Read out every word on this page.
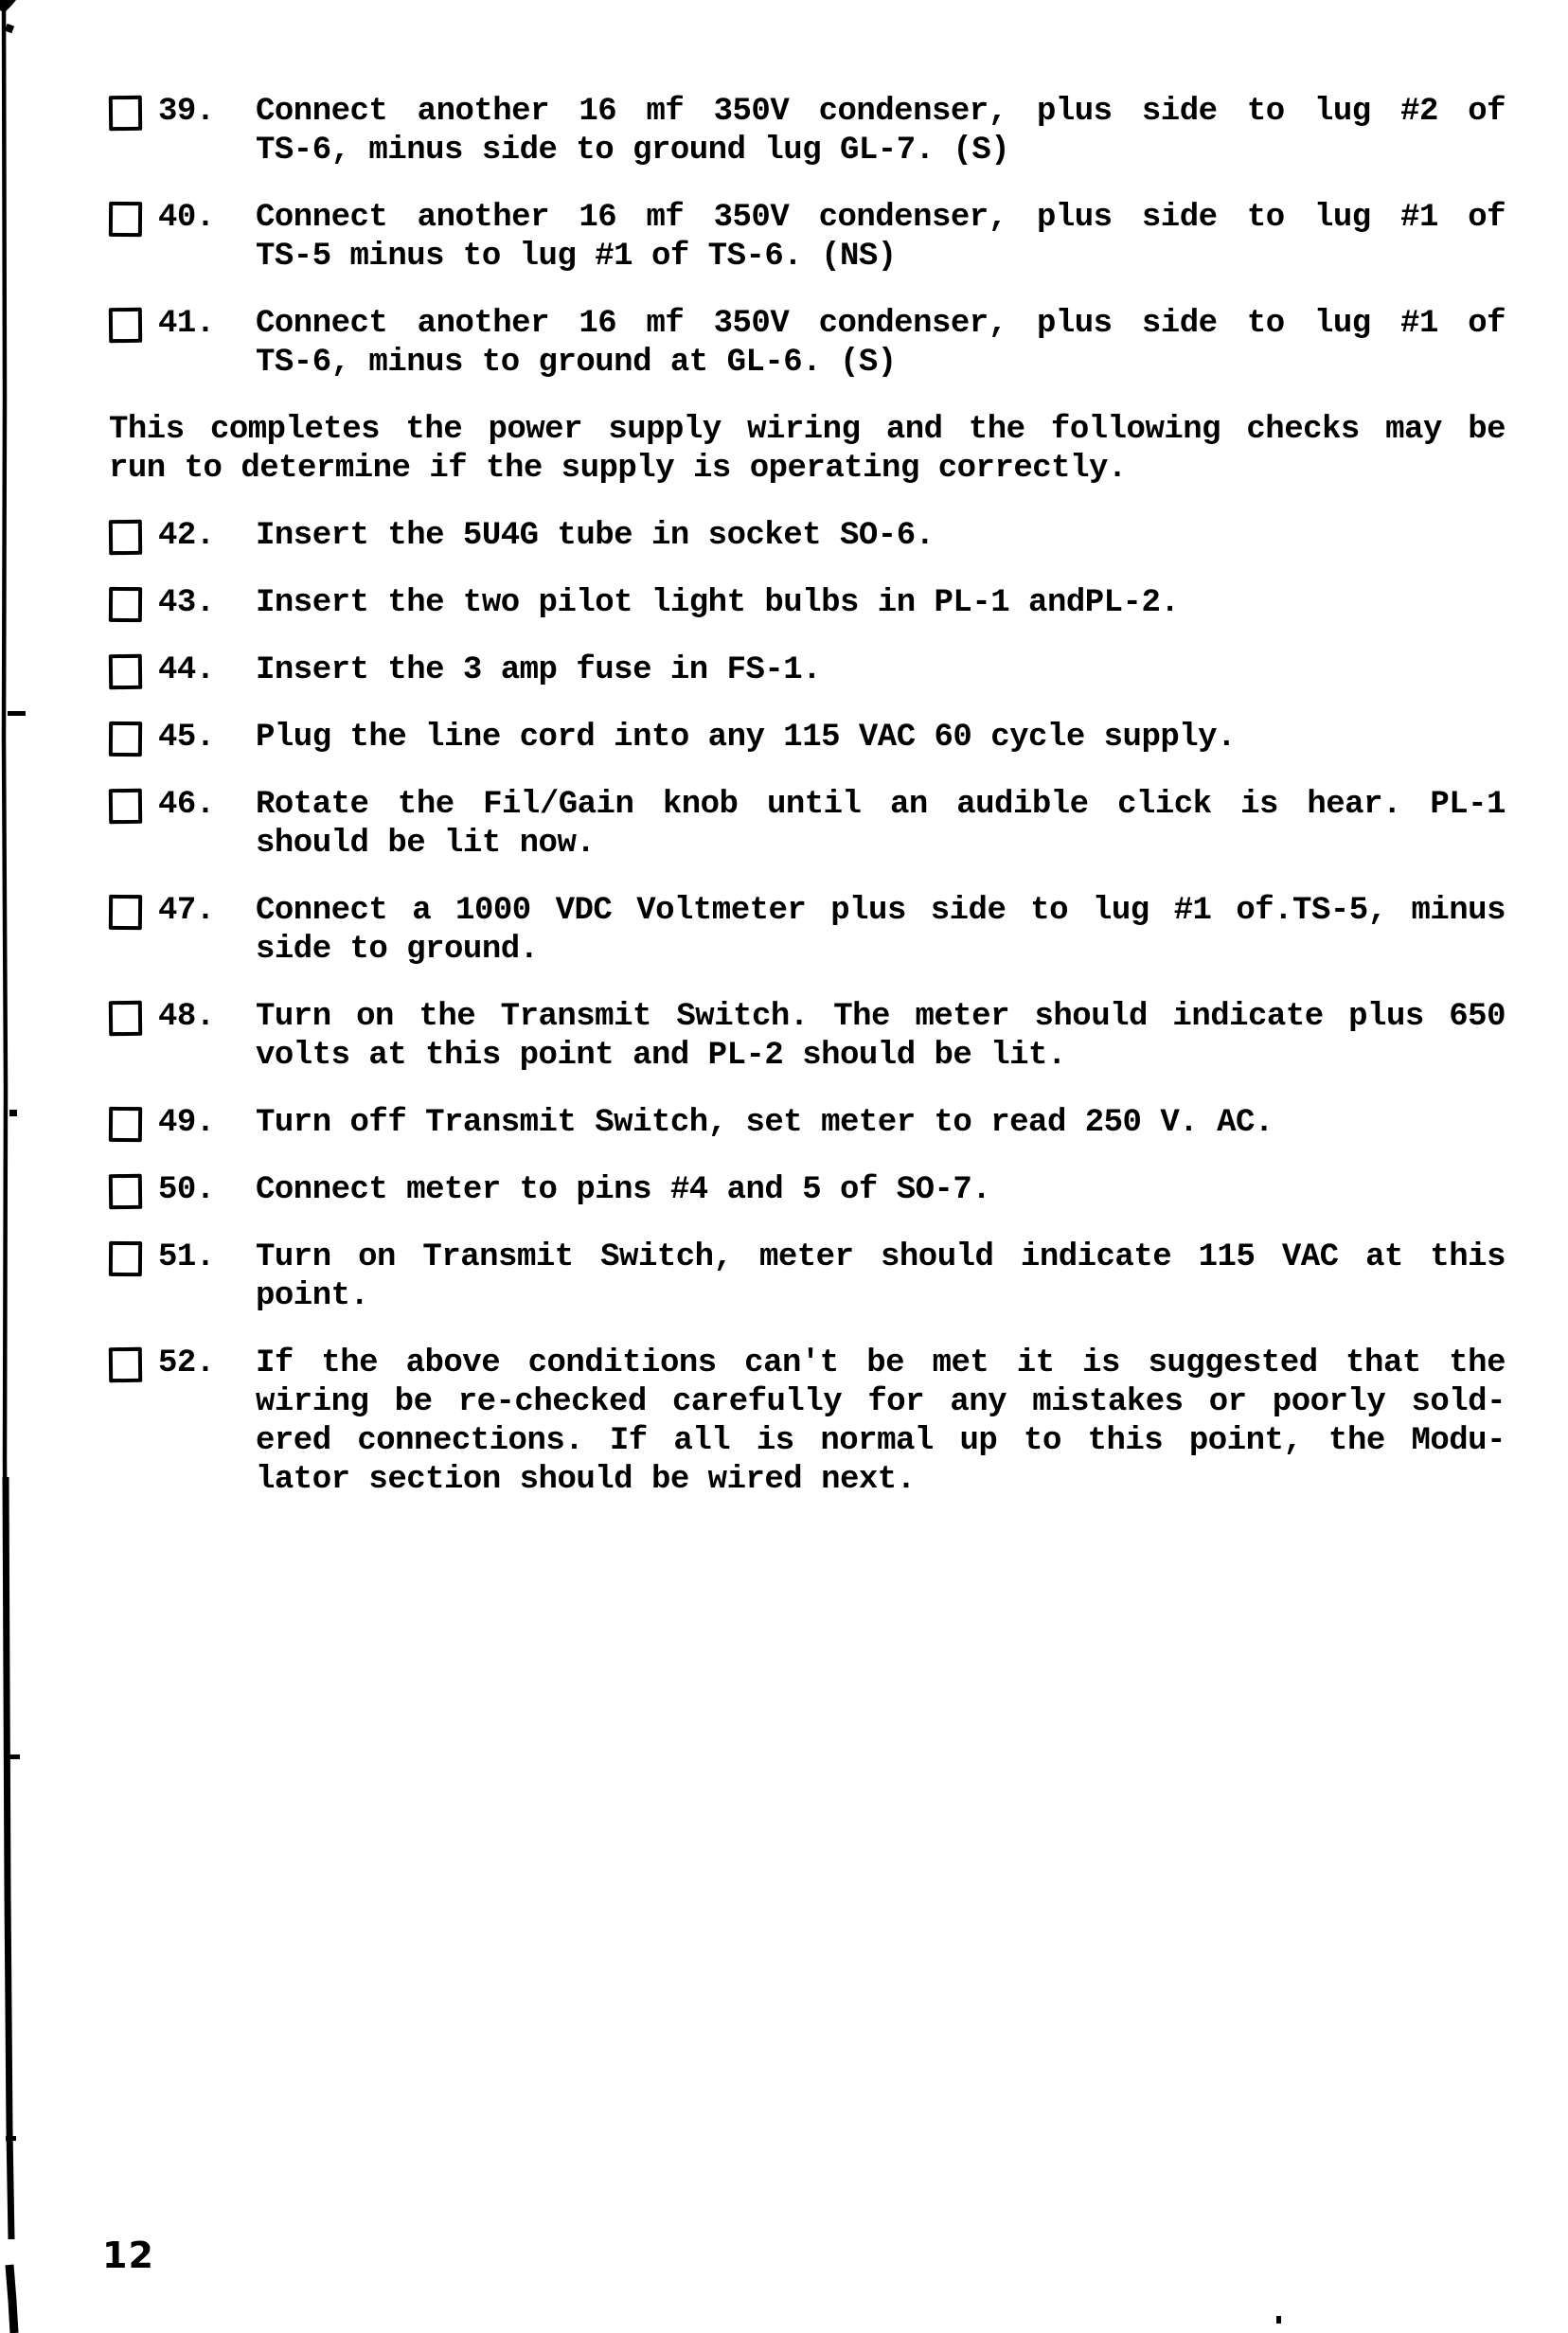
39.	Connect another 16 mf 350V condenser, plus side to lug #2 of
TS-6, minus side to ground lug GL-7. (S)
40.	Connect another 16 mf 350V condenser, plus side to lug #1 of
TS-5 minus to lug #1 of TS-6. (NS)
41.	Connect another 16 mf 350V condenser, plus side to lug #1 of
TS-6, minus to ground at GL-6. (S)
This completes the power supply wiring and the following checks may be
run to determine if the supply is operating correctly.
42.	Insert the 5U4G tube in socket SO-6.
43.	Insert the two pilot light bulbs in PL-1 andPL-2.
44.	Insert the 3 amp fuse in FS-1.
45.	Plug the line cord into any 115 VAC 60 cycle supply.
46.	Rotate the Fil/Gain knob until an audible click is hear. PL-1
should be lit now.
47.	Connect a 1000 VDC Voltmeter plus side to lug #1 of.TS-5, minus
side to ground.
48.	Turn on the Transmit Switch. The meter should indicate plus 650
volts at this point and PL-2 should be lit.
49.	Turn off Transmit Switch, set meter to read 250 V. AC.
50.	Connect meter to pins #4 and 5 of SO-7.
51.	Turn on Transmit Switch, meter should indicate 115 VAC at this
point.
52.	If the above conditions can't be met it is suggested that the
wiring be re-checked carefully for any mistakes or poorly sold-
ered connections. If all is normal up to this point, the Modu-
lator section should be wired next.
12
